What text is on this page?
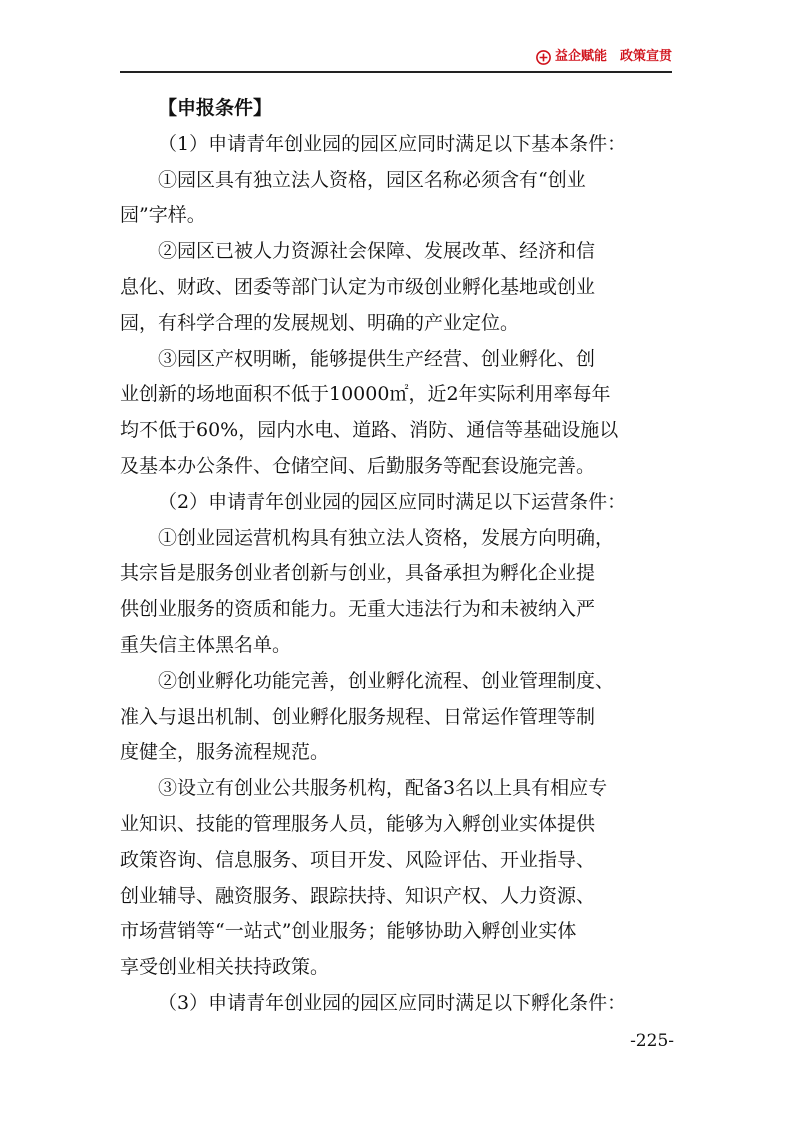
益企赋能 政策宣贯

【申报条件】

（1）申请青年创业园的园区应同时满足以下基本条件：

①园区具有独立法人资格，园区名称必须含有“创业

园”字样。

②园区已被人力资源社会保障、发展改革、经济和信

息化、财政、团委等部门认定为市级创业孵化基地或创业

园，有科学合理的发展规划、明确的产业定位。

③园区产权明晰，能够提供生产经营、创业孵化、创

业创新的场地面积不低于10000㎡，近2年实际利用率每年

均不低于60%，园内水电、道路、消防、通信等基础设施以

及基本办公条件、仓储空间、后勤服务等配套设施完善。

（2）申请青年创业园的园区应同时满足以下运营条件：

①创业园运营机构具有独立法人资格，发展方向明确，

其宗旨是服务创业者创新与创业，具备承担为孵化企业提

供创业服务的资质和能力。无重大违法行为和未被纳入严

重失信主体黑名单。

②创业孵化功能完善，创业孵化流程、创业管理制度、

准入与退出机制、创业孵化服务规程、日常运作管理等制

度健全，服务流程规范。

③设立有创业公共服务机构，配备3名以上具有相应专

业知识、技能的管理服务人员，能够为入孵创业实体提供

政策咨询、信息服务、项目开发、风险评估、开业指导、

创业辅导、融资服务、跟踪扶持、知识产权、人力资源、

市场营销等“一站式”创业服务；能够协助入孵创业实体

享受创业相关扶持政策。

（3）申请青年创业园的园区应同时满足以下孵化条件：

-225-
